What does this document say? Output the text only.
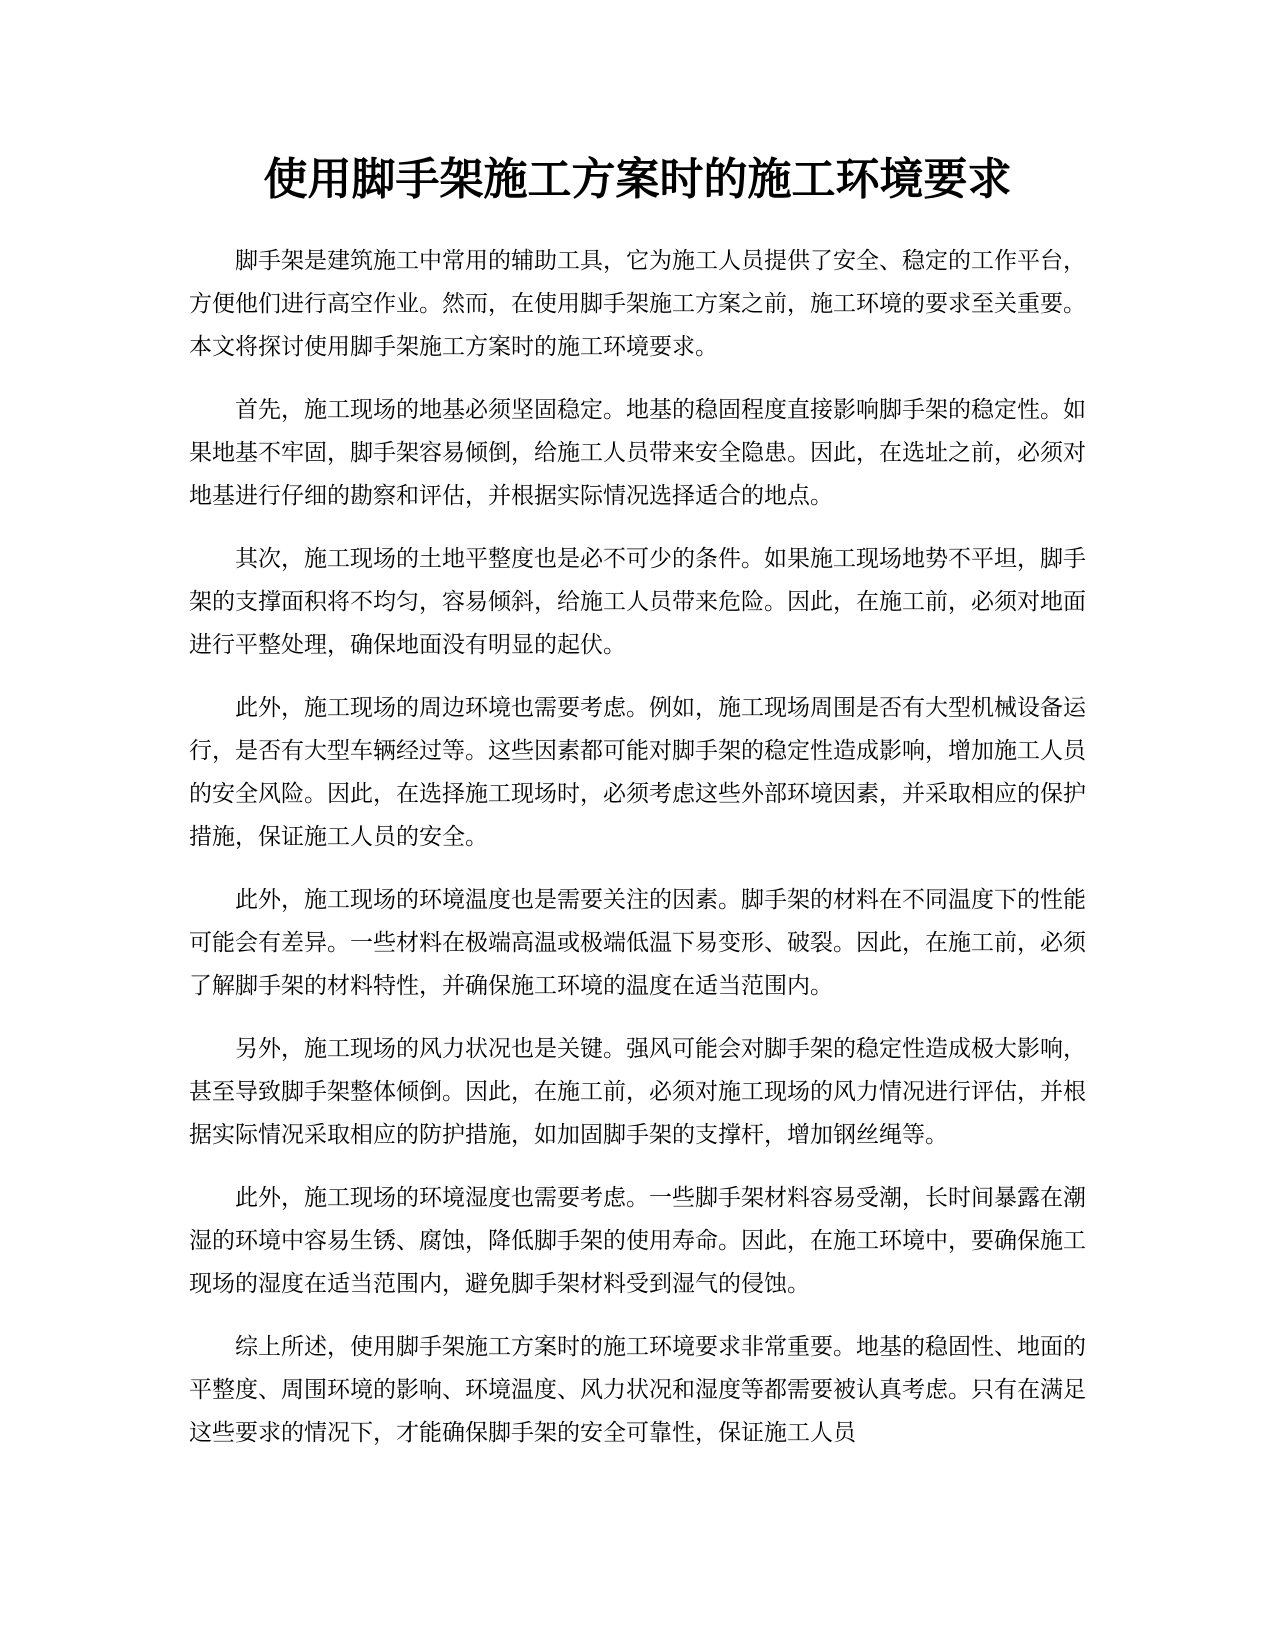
使用脚手架施工方案时的施工环境要求

脚手架是建筑施工中常用的辅助工具，它为施工人员提供了安全、稳定的工作平台，方便他们进行高空作业。然而，在使用脚手架施工方案之前，施工环境的要求至关重要。本文将探讨使用脚手架施工方案时的施工环境要求。

首先，施工现场的地基必须坚固稳定。地基的稳固程度直接影响脚手架的稳定性。如果地基不牢固，脚手架容易倾倒，给施工人员带来安全隐患。因此，在选址之前，必须对地基进行仔细的勘察和评估，并根据实际情况选择适合的地点。

其次，施工现场的土地平整度也是必不可少的条件。如果施工现场地势不平坦，脚手架的支撑面积将不均匀，容易倾斜，给施工人员带来危险。因此，在施工前，必须对地面进行平整处理，确保地面没有明显的起伏。

此外，施工现场的周边环境也需要考虑。例如，施工现场周围是否有大型机械设备运行，是否有大型车辆经过等。这些因素都可能对脚手架的稳定性造成影响，增加施工人员的安全风险。因此，在选择施工现场时，必须考虑这些外部环境因素，并采取相应的保护措施，保证施工人员的安全。

此外，施工现场的环境温度也是需要关注的因素。脚手架的材料在不同温度下的性能可能会有差异。一些材料在极端高温或极端低温下易变形、破裂。因此，在施工前，必须了解脚手架的材料特性，并确保施工环境的温度在适当范围内。

另外，施工现场的风力状况也是关键。强风可能会对脚手架的稳定性造成极大影响，甚至导致脚手架整体倾倒。因此，在施工前，必须对施工现场的风力情况进行评估，并根据实际情况采取相应的防护措施，如加固脚手架的支撑杆，增加钢丝绳等。

此外，施工现场的环境湿度也需要考虑。一些脚手架材料容易受潮，长时间暴露在潮湿的环境中容易生锈、腐蚀，降低脚手架的使用寿命。因此，在施工环境中，要确保施工现场的湿度在适当范围内，避免脚手架材料受到湿气的侵蚀。

综上所述，使用脚手架施工方案时的施工环境要求非常重要。地基的稳固性、地面的平整度、周围环境的影响、环境温度、风力状况和湿度等都需要被认真考虑。只有在满足这些要求的情况下，才能确保脚手架的安全可靠性，保证施工人员
